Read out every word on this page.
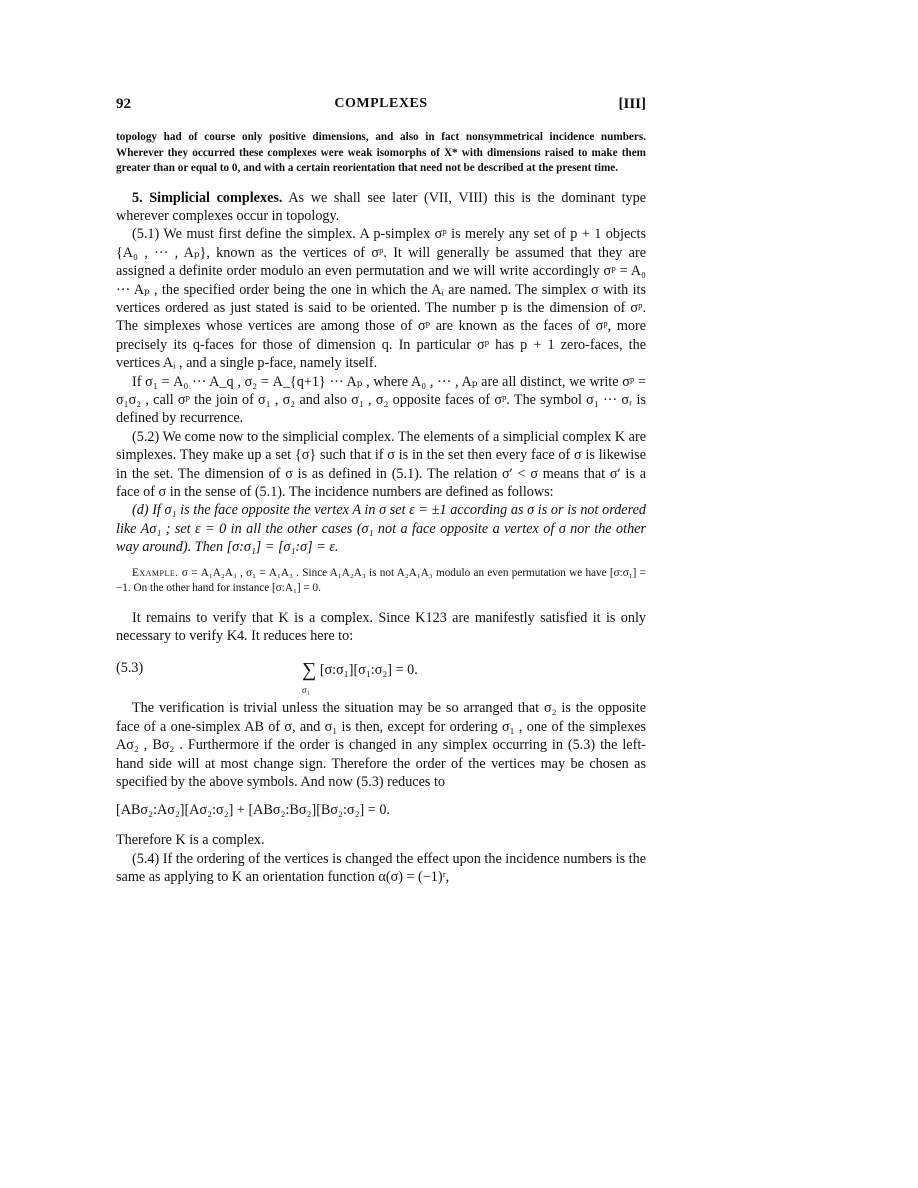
92	COMPLEXES	[III]

topology had of course only positive dimensions, and also in fact nonsymmetrical incidence numbers. Wherever they occurred these complexes were weak isomorphs of X* with dimensions raised to make them greater than or equal to 0, and with a certain reorientation that need not be described at the present time.

5. Simplicial complexes. As we shall see later (VII, VIII) this is the dominant type wherever complexes occur in topology.

(5.1) We must first define the simplex. A p-simplex σᵖ is merely any set of p + 1 objects {A₀ , ··· , Aₚ}, known as the vertices of σᵖ. It will generally be assumed that they are assigned a definite order modulo an even permutation and we will write accordingly σᵖ = A₀ ··· Aₚ , the specified order being the one in which the Aᵢ are named. The simplex σ with its vertices ordered as just stated is said to be oriented. The number p is the dimension of σᵖ. The simplexes whose vertices are among those of σᵖ are known as the faces of σᵖ, more precisely its q-faces for those of dimension q. In particular σᵖ has p + 1 zero-faces, the vertices Aᵢ , and a single p-face, namely itself.

If σ₁ = A₀ ··· A_q , σ₂ = A_{q+1} ··· Aₚ , where A₀ , ··· , Aₚ are all distinct, we write σᵖ = σ₁σ₂ , call σᵖ the join of σ₁ , σ₂ and also σ₁ , σ₂ opposite faces of σᵖ. The symbol σ₁ ··· σᵣ is defined by recurrence.

(5.2) We come now to the simplicial complex. The elements of a simplicial complex K are simplexes. They make up a set {σ} such that if σ is in the set then every face of σ is likewise in the set. The dimension of σ is as defined in (5.1). The relation σ′ < σ means that σ′ is a face of σ in the sense of (5.1). The incidence numbers are defined as follows:

(d) If σ₁ is the face opposite the vertex A in σ set ε = ±1 according as σ is or is not ordered like Aσ₁ ; set ε = 0 in all the other cases (σ₁ not a face opposite a vertex of σ nor the other way around). Then [σ:σ₁] = [σ₁:σ] = ε.

Example. σ = A₁A₂A₃ , σ₁ = A₁A₃ . Since A₁A₂A₃ is not A₂A₁A₃ modulo an even permutation we have [σ:σ₁] = −1. On the other hand for instance [σ:A₁] = 0.

It remains to verify that K is a complex. Since K123 are manifestly satisfied it is only necessary to verify K4. It reduces here to:

(5.3)	∑ [σ:σ₁][σ₁:σ₂] = 0.
σ₁

The verification is trivial unless the situation may be so arranged that σ₂ is the opposite face of a one-simplex AB of σ, and σ₁ is then, except for ordering σ₁ , one of the simplexes Aσ₂ , Bσ₂ . Furthermore if the order is changed in any simplex occurring in (5.3) the left-hand side will at most change sign. Therefore the order of the vertices may be chosen as specified by the above symbols. And now (5.3) reduces to

[ABσ₂:Aσ₂][Aσ₂:σ₂] + [ABσ₂:Bσ₂][Bσ₂:σ₂] = 0.

Therefore K is a complex.

(5.4) If the ordering of the vertices is changed the effect upon the incidence numbers is the same as applying to K an orientation function α(σ) = (−1)ʳ,
